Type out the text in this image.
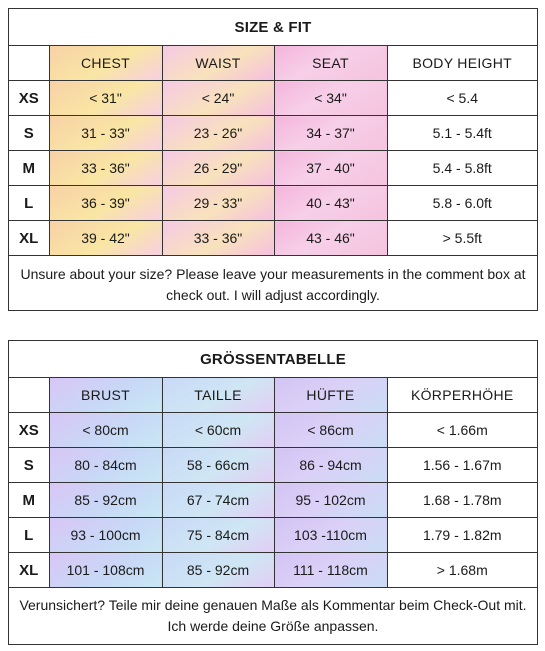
SIZE & FIT
	CHEST	WAIST	SEAT	BODY HEIGHT
XS	< 31"	< 24"	< 34"	< 5.4
S	31 - 33"	23 - 26"	34 - 37"	5.1 - 5.4ft
M	33 - 36"	26 - 29"	37 - 40"	5.4 - 5.8ft
L	36 - 39"	29 - 33"	40 - 43"	5.8 - 6.0ft
XL	39 - 42"	33 - 36"	43 - 46"	> 5.5ft

Unsure about your size? Please leave your measurements in the comment box at check out. I will adjust accordingly.				
GRÖSSENTABELLE
	BRUST	TAILLE	HÜFTE	KÖRPERHÖHE
XS	< 80cm	< 60cm	< 86cm	< 1.66m
S	80 - 84cm	58 - 66cm	86 - 94cm	1.56 - 1.67m
M	85 - 92cm	67 - 74cm	95 - 102cm	1.68 - 1.78m
L	93 - 100cm	75 - 84cm	103 -110cm	1.79 - 1.82m
XL	101 - 108cm	85 - 92cm	111 - 118cm	> 1.68m

Verunsichert? Teile mir deine genauen Maße als Kommentar beim Check-Out mit. Ich werde deine Größe anpassen.				
